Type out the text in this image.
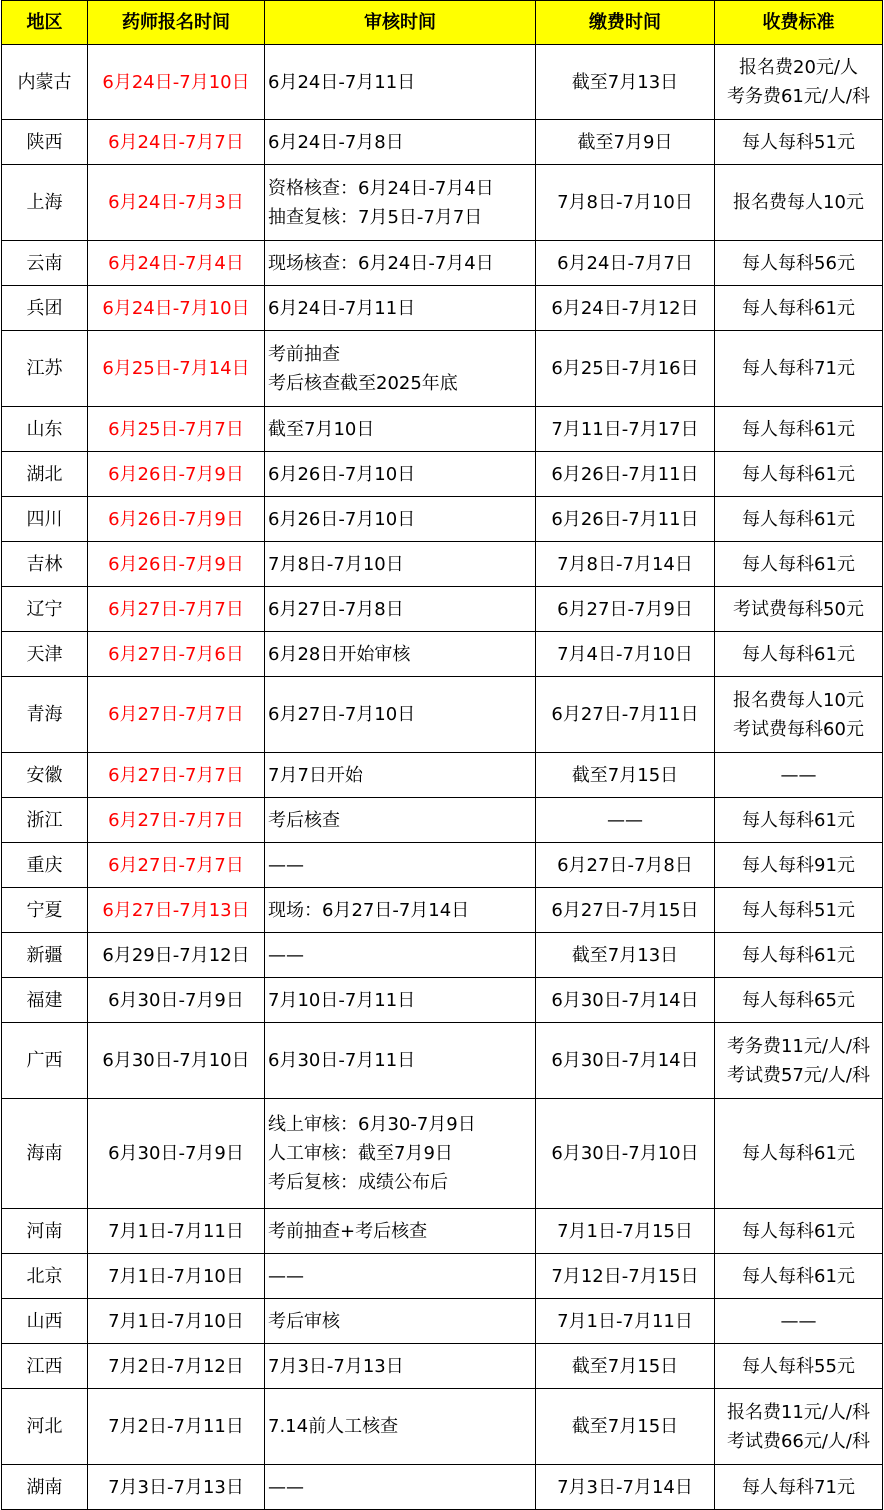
地区	药师报名时间	审核时间	缴费时间	收费标准
内蒙古	6月24日-7月10日	6月24日-7月11日	截至7月13日	报名费20元/人
考务费61元/人/科

陕西	6月24日-7月7日	6月24日-7月8日	截至7月9日	每人每科51元

上海	6月24日-7月3日	资格核查：6月24日-7月4日
抽查复核：7月5日-7月7日	7月8日-7月10日	报名费每人10元

云南	6月24日-7月4日	现场核查：6月24日-7月4日	6月24日-7月7日	每人每科56元

兵团	6月24日-7月10日	6月24日-7月11日	6月24日-7月12日	每人每科61元

江苏	6月25日-7月14日	考前抽查
考后核查截至2025年底	6月25日-7月16日	每人每科71元

山东	6月25日-7月7日	截至7月10日	7月11日-7月17日	每人每科61元

湖北	6月26日-7月9日	6月26日-7月10日	6月26日-7月11日	每人每科61元

四川	6月26日-7月9日	6月26日-7月10日	6月26日-7月11日	每人每科61元

吉林	6月26日-7月9日	7月8日-7月10日	7月8日-7月14日	每人每科61元

辽宁	6月27日-7月7日	6月27日-7月8日	6月27日-7月9日	考试费每科50元

天津	6月27日-7月6日	6月28日开始审核	7月4日-7月10日	每人每科61元

青海	6月27日-7月7日	6月27日-7月10日	6月27日-7月11日	报名费每人10元
考试费每科60元

安徽	6月27日-7月7日	7月7日开始	截至7月15日	——

浙江	6月27日-7月7日	考后核查	——	每人每科61元

重庆	6月27日-7月7日	——	6月27日-7月8日	每人每科91元

宁夏	6月27日-7月13日	现场：6月27日-7月14日	6月27日-7月15日	每人每科51元

新疆	6月29日-7月12日	——	截至7月13日	每人每科61元

福建	6月30日-7月9日	7月10日-7月11日	6月30日-7月14日	每人每科65元

广西	6月30日-7月10日	6月30日-7月11日	6月30日-7月14日	考务费11元/人/科
考试费57元/人/科

海南	6月30日-7月9日	线上审核：6月30-7月9日
人工审核：截至7月9日
考后复核：成绩公布后	6月30日-7月10日	每人每科61元

河南	7月1日-7月11日	考前抽查+考后核查	7月1日-7月15日	每人每科61元

北京	7月1日-7月10日	——	7月12日-7月15日	每人每科61元

山西	7月1日-7月10日	考后审核	7月1日-7月11日	——

江西	7月2日-7月12日	7月3日-7月13日	截至7月15日	每人每科55元

河北	7月2日-7月11日	7.14前人工核查	截至7月15日	报名费11元/人/科
考试费66元/人/科

湖南	7月3日-7月13日	——	7月3日-7月14日	每人每科71元
